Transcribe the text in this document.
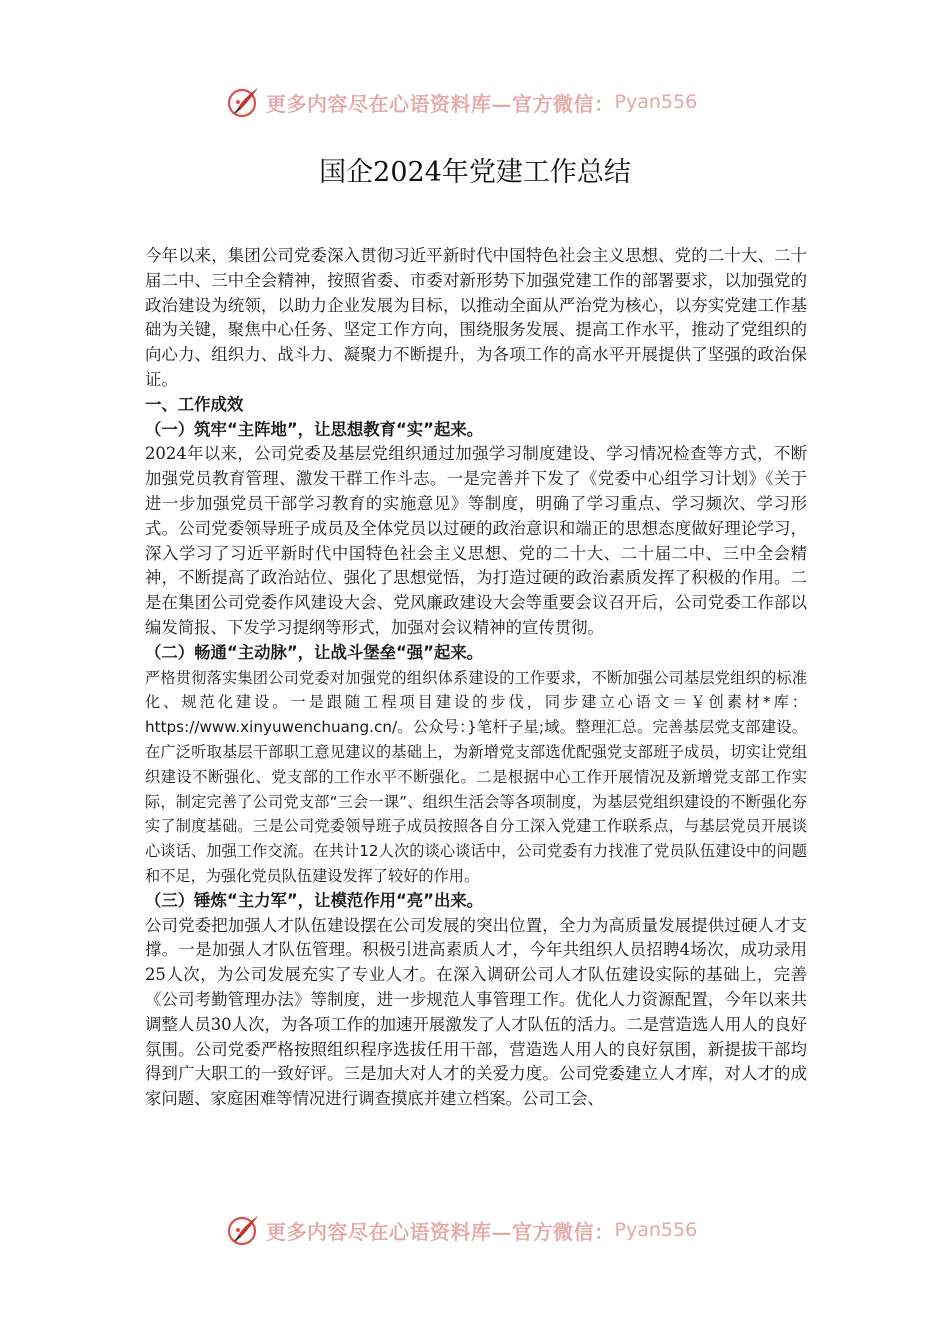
更多内容尽在心语资料库—官方微信： Pyan556
国企2024年党建工作总结

今年以来，集团公司党委深入贯彻习近平新时代中国特色社会主义思想、党的二十大、二十届二中、三中全会精神，按照省委、市委对新形势下加强党建工作的部署要求，以加强党的政治建设为统领，以助力企业发展为目标，以推动全面从严治党为核心，以夯实党建工作基础为关键，聚焦中心任务、坚定工作方向，围绕服务发展、提高工作水平，推动了党组织的向心力、组织力、战斗力、凝聚力不断提升，为各项工作的高水平开展提供了坚强的政治保证。

一、工作成效

（一）筑牢“主阵地”，让思想教育“实”起来。

2024年以来，公司党委及基层党组织通过加强学习制度建设、学习情况检查等方式，不断加强党员教育管理、激发干群工作斗志。一是完善并下发了《党委中心组学习计划》《关于进一步加强党员干部学习教育的实施意见》等制度，明确了学习重点、学习频次、学习形式。公司党委领导班子成员及全体党员以过硬的政治意识和端正的思想态度做好理论学习，深入学习了习近平新时代中国特色社会主义思想、党的二十大、二十届二中、三中全会精神，不断提高了政治站位、强化了思想觉悟，为打造过硬的政治素质发挥了积极的作用。二是在集团公司党委作风建设大会、党风廉政建设大会等重要会议召开后，公司党委工作部以编发简报、下发学习提纲等形式，加强对会议精神的宣传贯彻。

（二）畅通“主动脉”，让战斗堡垒“强”起来。

严格贯彻落实集团公司党委对加强党的组织体系建设的工作要求，不断加强公司基层党组织的标准化、规范化建设。一是跟随工程项目建设的步伐，同步建立心语文＝￥创素材*库：https://www.xinyuwenchuang.cn/。公众号：}笔杆子星;域。整理汇总。完善基层党支部建设。在广泛听取基层干部职工意见建议的基础上，为新增党支部选优配强党支部班子成员，切实让党组织建设不断强化、党支部的工作水平不断强化。二是根据中心工作开展情况及新增党支部工作实际，制定完善了公司党支部“三会一课”、组织生活会等各项制度，为基层党组织建设的不断强化夯实了制度基础。三是公司党委领导班子成员按照各自分工深入党建工作联系点，与基层党员开展谈心谈话、加强工作交流。在共计12人次的谈心谈话中，公司党委有力找准了党员队伍建设中的问题和不足，为强化党员队伍建设发挥了较好的作用。

（三）锤炼“主力军”，让模范作用“亮”出来。

公司党委把加强人才队伍建设摆在公司发展的突出位置，全力为高质量发展提供过硬人才支撑。一是加强人才队伍管理。积极引进高素质人才，今年共组织人员招聘4场次，成功录用25人次，为公司发展充实了专业人才。在深入调研公司人才队伍建设实际的基础上，完善《公司考勤管理办法》等制度，进一步规范人事管理工作。优化人力资源配置，今年以来共调整人员30人次，为各项工作的加速开展激发了人才队伍的活力。二是营造选人用人的良好氛围。公司党委严格按照组织程序选拔任用干部，营造选人用人的良好氛围，新提拔干部均得到广大职工的一致好评。三是加大对人才的关爱力度。公司党委建立人才库，对人才的成家问题、家庭困难等情况进行调查摸底并建立档案。公司工会、

更多内容尽在心语资料库—官方微信： Pyan556
